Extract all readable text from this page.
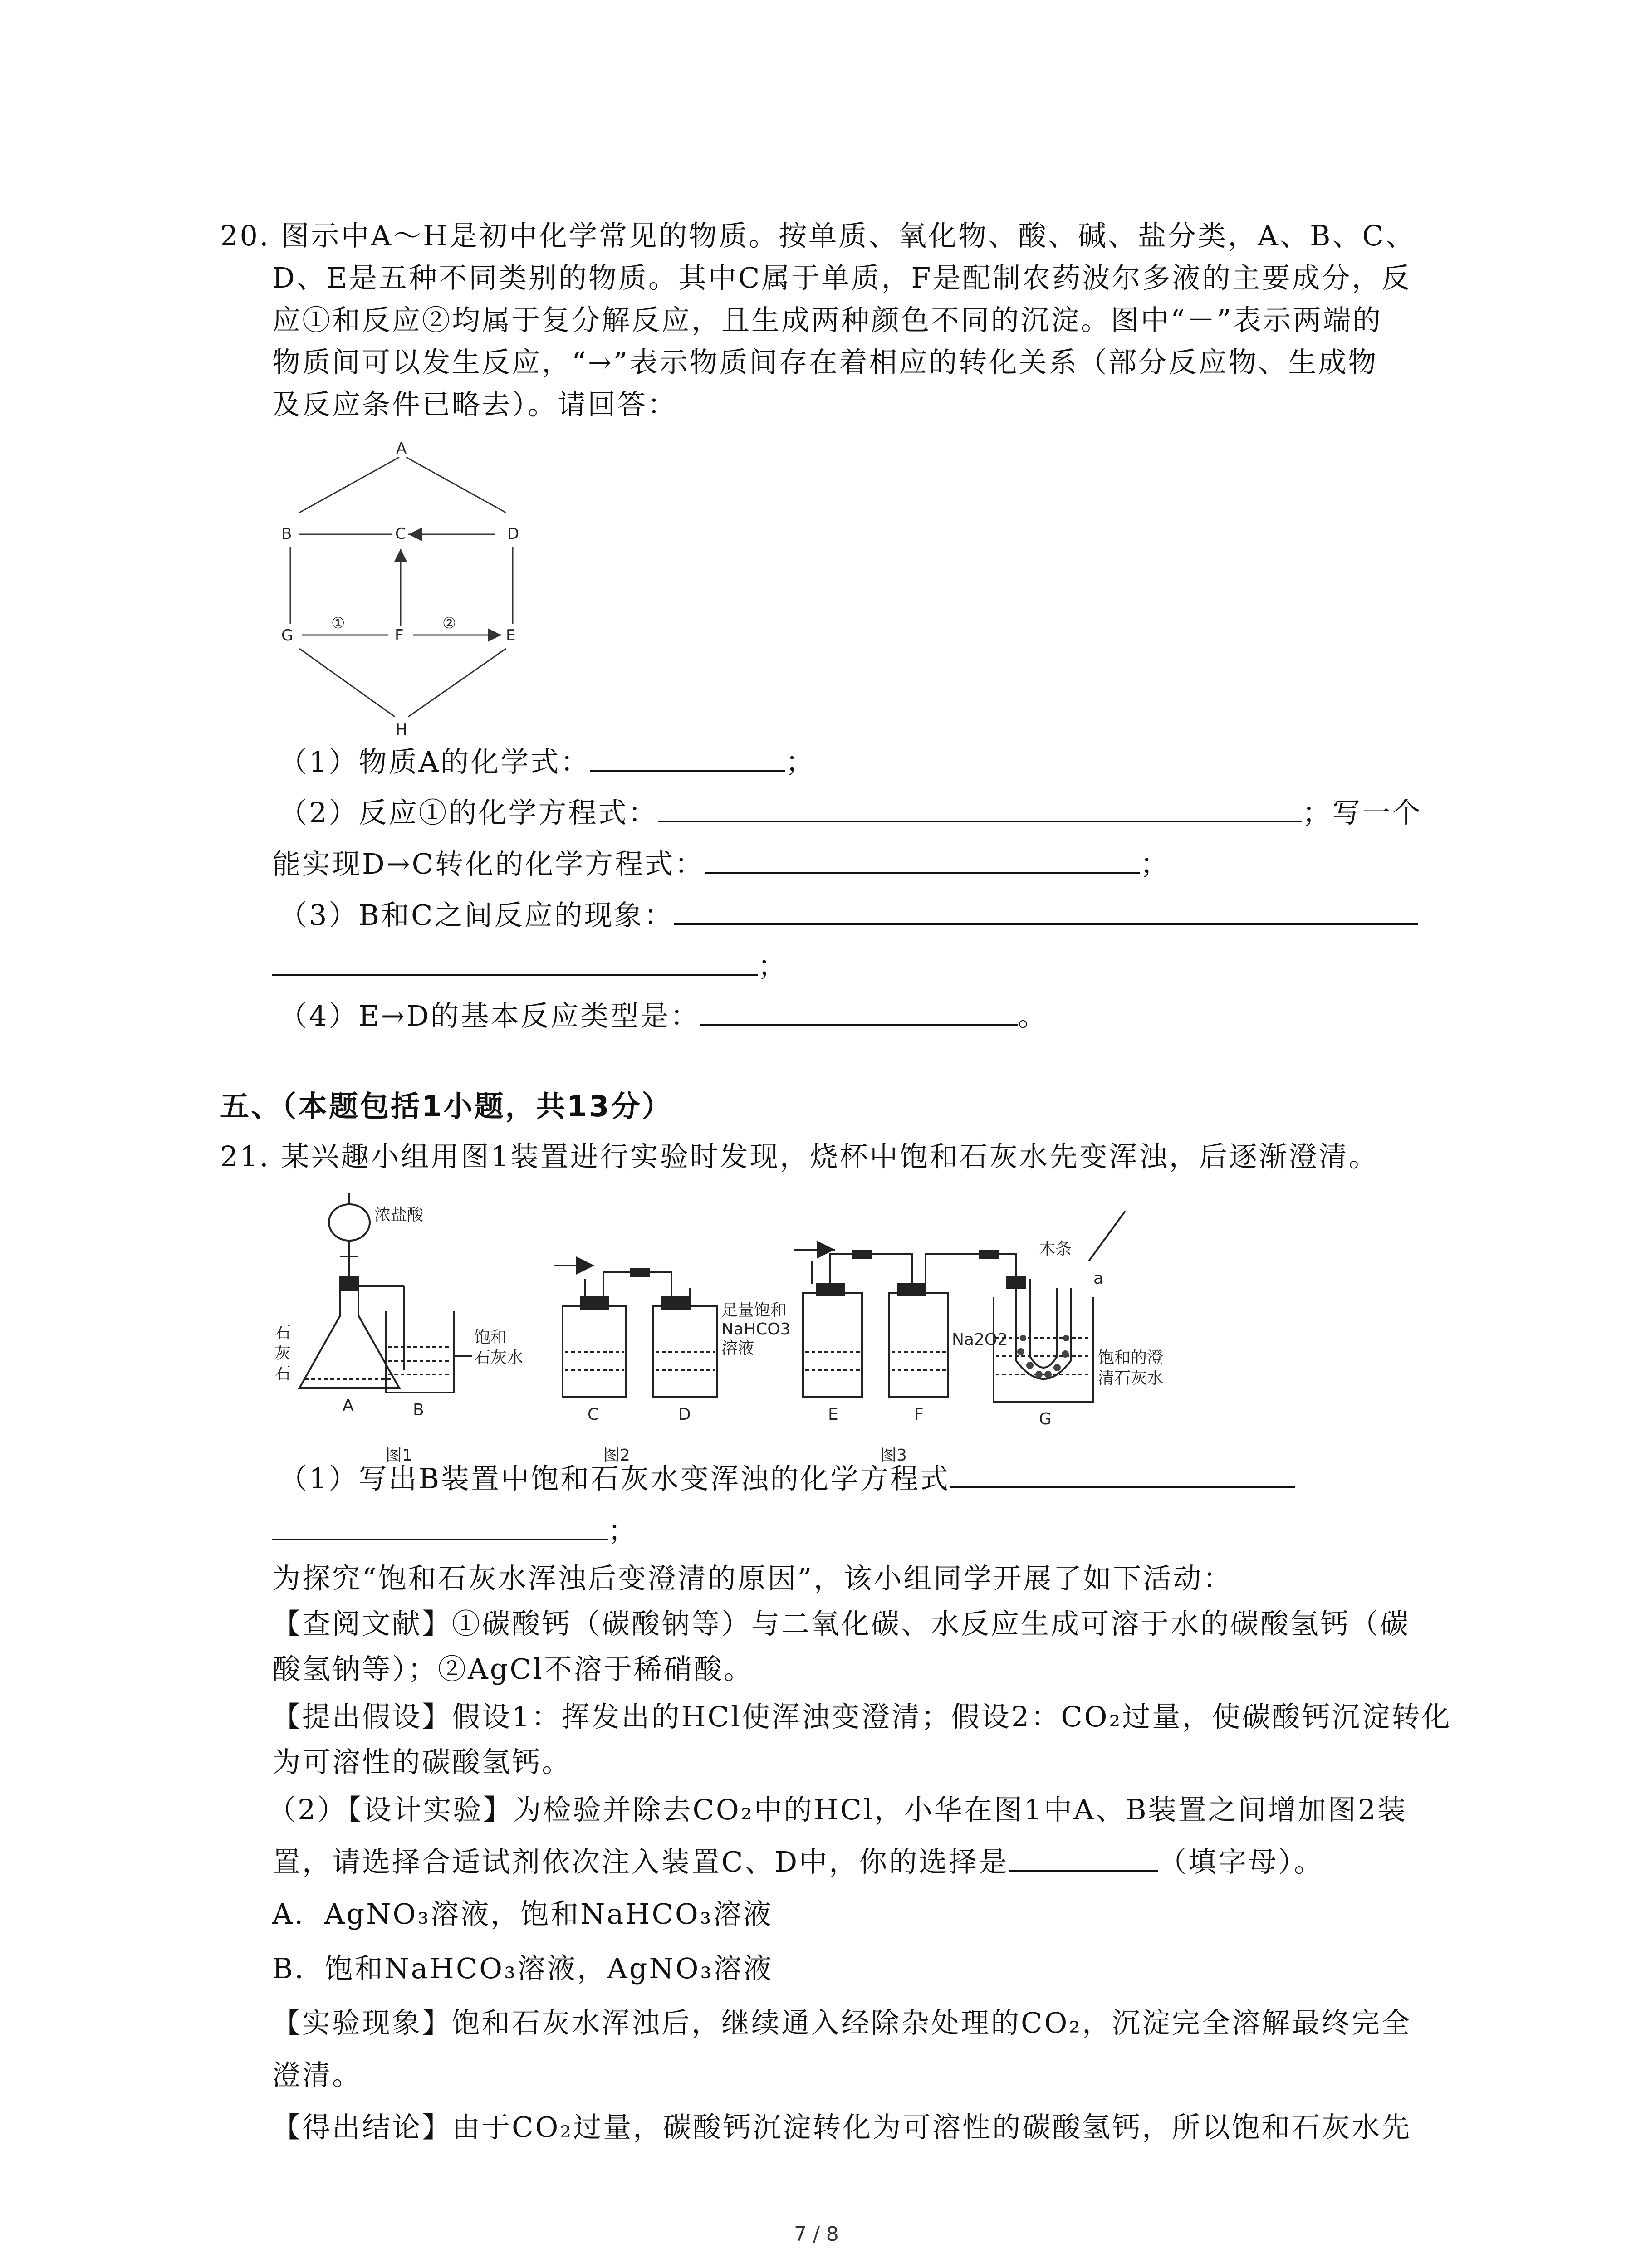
20. 图示中A～H是初中化学常见的物质。按单质、氧化物、酸、碱、盐分类，A、B、C、
D、E是五种不同类别的物质。其中C属于单质，F是配制农药波尔多液的主要成分，反
应①和反应②均属于复分解反应，且生成两种颜色不同的沉淀。图中“－”表示两端的
物质间可以发生反应，“→”表示物质间存在着相应的转化关系（部分反应物、生成物
及反应条件已略去）。请回答：
A
B	C	D
G	F	E
H
①	②
（1）物质A的化学式：	；
（2）反应①的化学方程式：	；写一个
能实现D→C转化的化学方程式：	；
（3）B和C之间反应的现象：
；
（4）E→D的基本反应类型是：	。
五、（本题包括1小题，共13分）
21. 某兴趣小组用图1装置进行实验时发现，烧杯中饱和石灰水先变浑浊，后逐渐澄清。
浓盐酸
石
灰
石
A	B
饱和
石灰水
C	D
足量饱和
NaHCO3
溶液
E	F
木条
a
Na2O2
饱和的澄
清石灰水
G
图1	图2	图3
（1）写出B装置中饱和石灰水变浑浊的化学方程式
；
为探究“饱和石灰水浑浊后变澄清的原因”，该小组同学开展了如下活动：
【查阅文献】①碳酸钙（碳酸钠等）与二氧化碳、水反应生成可溶于水的碳酸氢钙（碳
酸氢钠等）；②AgCl不溶于稀硝酸。
【提出假设】假设1：挥发出的HCl使浑浊变澄清；假设2：CO₂过量，使碳酸钙沉淀转化
为可溶性的碳酸氢钙。
（2）【设计实验】为检验并除去CO₂中的HCl，小华在图1中A、B装置之间增加图2装
置，请选择合适试剂依次注入装置C、D中，你的选择是	（填字母）。
A．AgNO₃溶液，饱和NaHCO₃溶液
B．饱和NaHCO₃溶液，AgNO₃溶液
【实验现象】饱和石灰水浑浊后，继续通入经除杂处理的CO₂，沉淀完全溶解最终完全
澄清。
【得出结论】由于CO₂过量，碳酸钙沉淀转化为可溶性的碳酸氢钙，所以饱和石灰水先
7 / 8
